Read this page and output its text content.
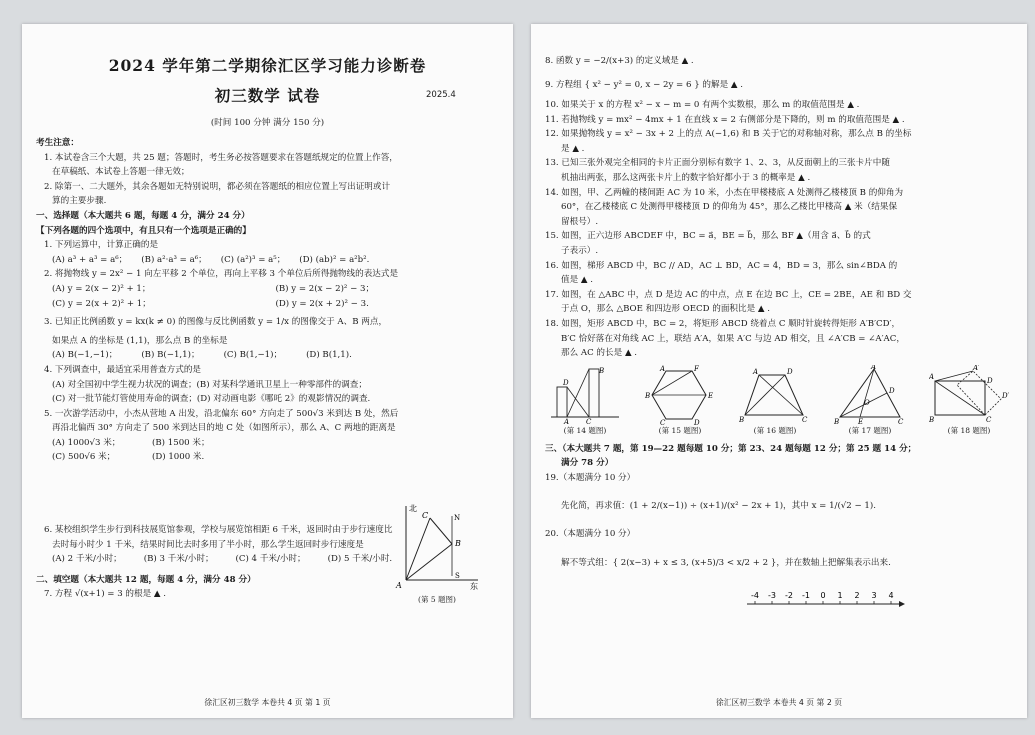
2024 学年第二学期徐汇区学习能力诊断卷
初三数学 试卷	2025.4
(时间 100 分钟 满分 150 分)
考生注意：
1. 本试卷含三个大题，共 25 题；答题时，考生务必按答题要求在答题纸规定的位置上作答，
在草稿纸、本试卷上答题一律无效；
2. 除第一、二大题外，其余各题如无特别说明，都必须在答题纸的相应位置上写出证明或计
算的主要步骤.
一、选择题（本大题共 6 题，每题 4 分，满分 24 分）
【下列各题的四个选项中，有且只有一个选项是正确的】
1. 下列运算中，计算正确的是
(A) a³ + a³ = a⁶； (B) a²·a³ = a⁶； (C) (a²)³ = a⁵； (D) (ab)² = a²b².
2. 将抛物线 y = 2x² − 1 向左平移 2 个单位，再向上平移 3 个单位后所得抛物线的表达式是
(A) y = 2(x − 2)² + 1；	(B) y = 2(x − 2)² − 3；
(C) y = 2(x + 2)² + 1；	(D) y = 2(x + 2)² − 3.
3. 已知正比例函数 y = kx(k ≠ 0) 的图像与反比例函数 y = 1/x 的图像交于 A、B 两点，
如果点 A 的坐标是 (1,1)，那么点 B 的坐标是
(A) B(−1,−1)；	(B) B(−1,1)；	(C) B(1,−1)；	(D) B(1,1).
4. 下列调查中，最适宜采用普查方式的是
(A) 对全国初中学生视力状况的调查；(B) 对某科学通讯卫星上一种零部件的调查；
(C) 对一批节能灯管使用寿命的调查；(D) 对动画电影《哪吒 2》的观影情况的调查.
5. 一次游学活动中，小杰从营地 A 出发，沿北偏东 60° 方向走了 500√3 米到达 B 处，然后
再沿北偏西 30° 方向走了 500 米到达目的地 C 处（如图所示），那么 A、C 两地的距离是
(A) 1000√3 米；	(B) 1500 米；
(C) 500√6 米；	(D) 1000 米.
6. 某校组织学生步行到科技展览馆参观，学校与展览馆相距 6 千米，返回时由于步行速度比
去时每小时少 1 千米，结果时间比去时多用了半小时，那么学生返回时步行速度是
(A) 2 千米/小时；	(B) 3 千米/小时；	(C) 4 千米/小时；	(D) 5 千米/小时.
二、填空题（本大题共 12 题，每题 4 分，满分 48 分）
7. 方程 √(x+1) = 3 的根是 ▲ .
北
C	N
B
A	东
S
(第 5 题图)
徐汇区初三数学 本卷共 4 页 第 1 页
8. 函数 y = −2/(x+3) 的定义域是 ▲ .
9. 方程组 { x² − y² = 0, x − 2y = 6 } 的解是 ▲ .
10. 如果关于 x 的方程 x² − x − m = 0 有两个实数根，那么 m 的取值范围是 ▲ .
11. 若抛物线 y = mx² − 4mx + 1 在直线 x = 2 右侧部分是下降的，则 m 的取值范围是 ▲ .
12. 如果抛物线 y = x² − 3x + 2 上的点 A(−1,6) 和 B 关于它的对称轴对称，那么点 B 的坐标
是 ▲ .
13. 已知三张外观完全相同的卡片正面分别标有数字 1、2、3，从反面朝上的三张卡片中随
机抽出两张，那么这两张卡片上的数字恰好都小于 3 的概率是 ▲ .
14. 如图，甲、乙两幢的楼间距 AC 为 10 米，小杰在甲楼楼底 A 处测得乙楼楼顶 B 的仰角为
60°，在乙楼楼底 C 处测得甲楼楼顶 D 的仰角为 45°，那么乙楼比甲楼高 ▲ 米（结果保
留根号）.
15. 如图，正六边形 ABCDEF 中，BC = a⃗，BE = b⃗，那么 BF ▲（用含 a⃗、b⃗ 的式
子表示）.
16. 如图，梯形 ABCD 中，BC // AD，AC ⊥ BD，AC = 4，BD = 3，那么 sin∠BDA 的
值是 ▲ .
17. 如图，在 △ABC 中，点 D 是边 AC 的中点，点 E 在边 BC 上，CE = 2BE，AE 和 BD 交
于点 O，那么 △BOE 和四边形 OECD 的面积比是 ▲ .
18. 如图，矩形 ABCD 中，BC = 2，将矩形 ABCD 绕着点 C 顺时针旋转得矩形 A′B′CD′，
B′C 恰好落在对角线 AC 上，联结 A′A，如果 A′C 与边 AD 相交，且 ∠A′CB = ∠A′AC，
那么 AC 的长是 ▲ .
D
B
A C
(第 14 题图)
A	F
B	E
C	D
(第 15 题图)
A	D
B	C
(第 16 题图)
A
B	C
D
E
O
(第 17 题图)
A
A′
D′
B	C
D
(第 18 题图)
三、（本大题共 7 题，第 19—22 题每题 10 分；第 23、24 题每题 12 分；第 25 题 14 分；
满分 78 分）
19.（本题满分 10 分）
先化简，再求值：(1 + 2/(x−1)) ÷ (x+1)/(x² − 2x + 1)，其中 x = 1/(√2 − 1).
20.（本题满分 10 分）
解不等式组：{ 2(x−3) + x ≤ 3, (x+5)/3 < x/2 + 2 }，并在数轴上把解集表示出来.
-4 -3 -2 -1 0 1 2 3 4
徐汇区初三数学 本卷共 4 页 第 2 页
